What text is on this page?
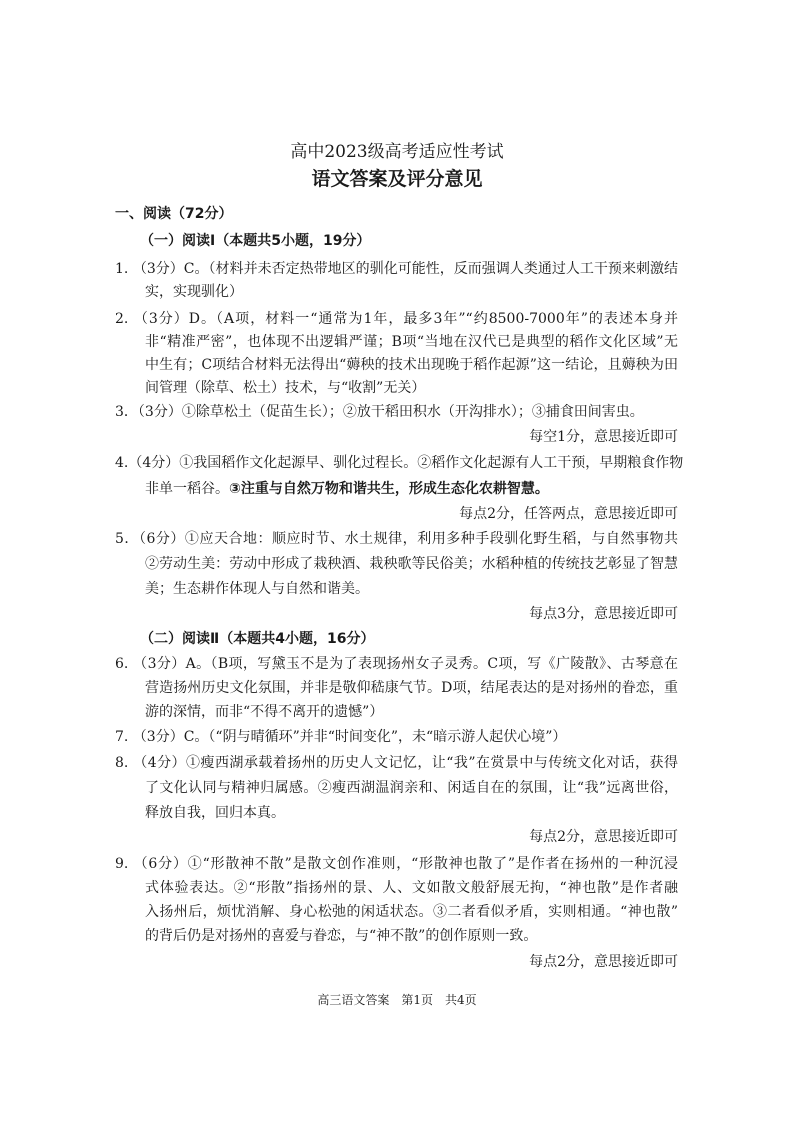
高中2023级高考适应性考试
语文答案及评分意见
一、阅读（72分）
（一）阅读Ⅰ（本题共5小题，19分）
1. （3分）C。（材料并未否定热带地区的驯化可能性，反而强调人类通过人工干预来刺激结
实，实现驯化）
2. （3分）D。（A项，材料一“通常为1年，最多3年”“约8500-7000年”的表述本身并
非“精准严密”，也体现不出逻辑严谨；B项“当地在汉代已是典型的稻作文化区域”无
中生有；C项结合材料无法得出“薅秧的技术出现晚于稻作起源”这一结论，且薅秧为田
间管理（除草、松土）技术，与“收割”无关）
3．（3分）①除草松土（促苗生长）；②放干稻田积水（开沟排水）；③捕食田间害虫。
每空1分，意思接近即可
4.（4分）①我国稻作文化起源早、驯化过程长。②稻作文化起源有人工干预，早期粮食作物
5．（6分）①应天合地：顺应时节、水土规律，利用多种手段驯化野生稻，与自然事物共
②劳动生美：劳动中形成了栽秧酒、栽秧歌等民俗美；水稻种植的传统技艺彰显了智慧
美；生态耕作体现人与自然和谐美。
每点3分，意思接近即可
6. （3分）A。（B项，写黛玉不是为了表现扬州女子灵秀。C项，写《广陵散》、古琴意在
营造扬州历史文化氛围，并非是敬仰嵇康气节。D项，结尾表达的是对扬州的眷恋，重
游的深情，而非“不得不离开的遗憾”）
7. （3分）C。（“阴与晴循环”并非“时间变化”，未“暗示游人起伏心境”）
8. （4分）①瘦西湖承载着扬州的历史人文记忆，让“我”在赏景中与传统文化对话，获得
了文化认同与精神归属感。②瘦西湖温润亲和、闲适自在的氛围，让“我”远离世俗，
释放自我，回归本真。
每点2分，意思接近即可
9. （6分）①“形散神不散”是散文创作准则，“形散神也散了”是作者在扬州的一种沉浸
式体验表达。②“形散”指扬州的景、人、文如散文般舒展无拘，“神也散”是作者融
入扬州后，烦忧消解、身心松弛的闲适状态。③二者看似矛盾，实则相通。“神也散”
的背后仍是对扬州的喜爱与眷恋，与“神不散”的创作原则一致。
每点2分，意思接近即可
非单一稻谷。③注重与自然万物和谐共生，形成生态化农耕智慧。
每点2分，任答两点，意思接近即可
（二）阅读Ⅱ（本题共4小题，16分）
高三语文答案　第1页　共4页
